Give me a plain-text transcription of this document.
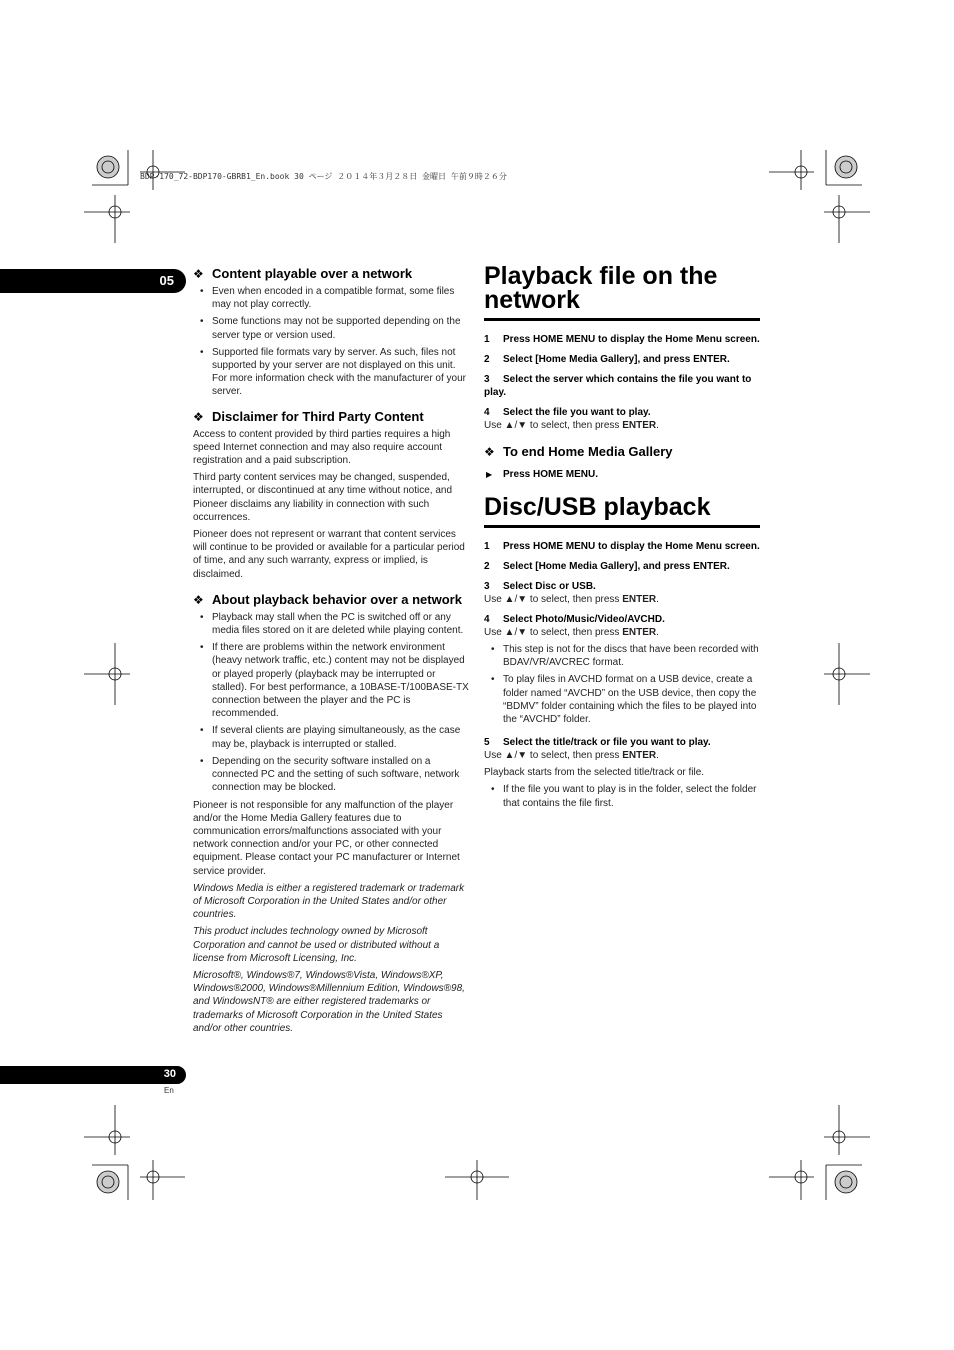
BDP-170_72-BDP170-GBRB1_En.book 30 ページ ２０１４年３月２８日 金曜日 午前９時２６分
05 ❖ Content playable over a network
• Even when encoded in a compatible format, some files may not play correctly.
• Some functions may not be supported depending on the server type or version used.
• Supported file formats vary by server. As such, files not supported by your server are not displayed on this unit. For more information check with the manufacturer of your server.
❖ Disclaimer for Third Party Content

Access to content provided by third parties requires a high speed Internet connection and may also require account registration and a paid subscription.

Third party content services may be changed, suspended, interrupted, or discontinued at any time without notice, and Pioneer disclaims any liability in connection with such occurrences.

Pioneer does not represent or warrant that content services will continue to be provided or available for a particular period of time, and any such warranty, express or implied, is disclaimed.

❖ About playback behavior over a network
• Playback may stall when the PC is switched off or any media files stored on it are deleted while playing content.
• If there are problems within the network environment (heavy network traffic, etc.) content may not be displayed or played properly (playback may be interrupted or stalled). For best performance, a 10BASE-T/100BASE-TX connection between the player and the PC is recommended.
• If several clients are playing simultaneously, as the case may be, playback is interrupted or stalled.
• Depending on the security software installed on a connected PC and the setting of such software, network connection may be blocked.

Pioneer is not responsible for any malfunction of the player and/or the Home Media Gallery features due to communication errors/malfunctions associated with your network connection and/or your PC, or other connected equipment. Please contact your PC manufacturer or Internet service provider.

Windows Media is either a registered trademark or trademark of Microsoft Corporation in the United States and/or other countries.

This product includes technology owned by Microsoft Corporation and cannot be used or distributed without a license from Microsoft Licensing, Inc.

Microsoft®, Windows®7, Windows®Vista, Windows®XP, Windows®2000, Windows®Millennium Edition, Windows®98, and WindowsNT® are either registered trademarks or trademarks of Microsoft Corporation in the United States and/or other countries.

Playback file on the network
1 Press HOME MENU to display the Home Menu screen.
2 Select [Home Media Gallery], and press ENTER.
3 Select the server which contains the file you want to play.
4 Select the file you want to play.
Use ▲/▼ to select, then press ENTER.
❖ To end Home Media Gallery
▶ Press HOME MENU.
Disc/USB playback
1 Press HOME MENU to display the Home Menu screen.
2 Select [Home Media Gallery], and press ENTER.
3 Select Disc or USB.
Use ▲/▼ to select, then press ENTER.
4 Select Photo/Music/Video/AVCHD.
Use ▲/▼ to select, then press ENTER.
• This step is not for the discs that have been recorded with BDAV/VR/AVCREC format.
• To play files in AVCHD format on a USB device, create a folder named “AVCHD” on the USB device, then copy the “BDMV” folder containing which the files to be played into the “AVCHD” folder.
5 Select the title/track or file you want to play.
Use ▲/▼ to select, then press ENTER.

Playback starts from the selected title/track or file.

• If the file you want to play is in the folder, select the folder that contains the file first.
30
En
